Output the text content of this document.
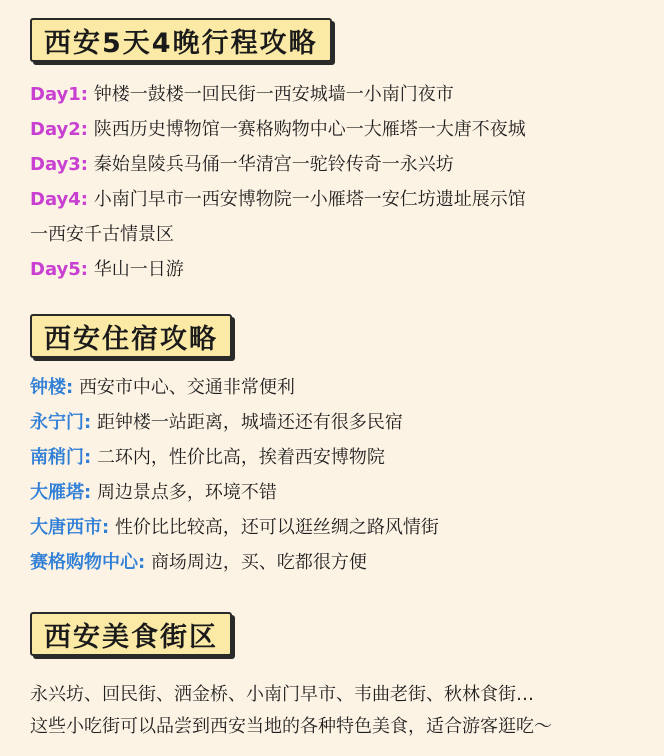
西安5天4晚行程攻略
Day1: 钟楼一鼓楼一回民街一西安城墙一小南门夜市
Day2: 陕西历史博物馆一赛格购物中心一大雁塔一大唐不夜城
Day3: 秦始皇陵兵马俑一华清宫一驼铃传奇一永兴坊
Day4: 小南门早市一西安博物院一小雁塔一安仁坊遗址展示馆
一西安千古情景区
Day5: 华山一日游
西安住宿攻略
钟楼: 西安市中心、交通非常便利
永宁门: 距钟楼一站距离，城墙还还有很多民宿
南稍门: 二环内，性价比高，挨着西安博物院
大雁塔: 周边景点多，环境不错
大唐西市: 性价比比较高，还可以逛丝绸之路风情街
赛格购物中心: 商场周边，买、吃都很方便
西安美食街区
永兴坊、回民街、洒金桥、小南门早市、韦曲老街、秋林食街…
这些小吃街可以品尝到西安当地的各种特色美食，适合游客逛吃～
